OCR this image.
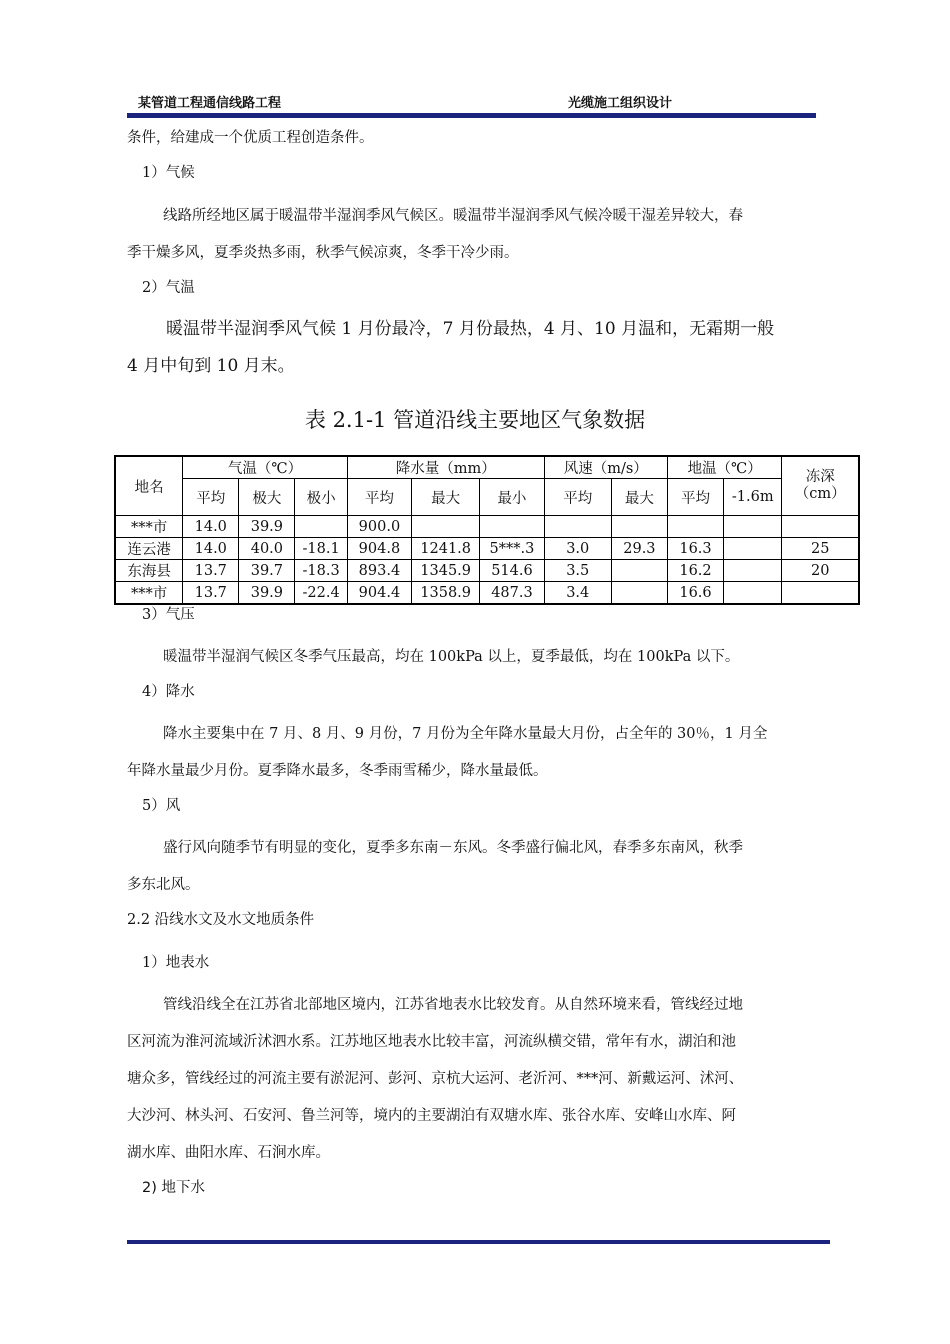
某管道工程通信线路工程	光缆施工组织设计
条件，给建成一个优质工程创造条件。
1）气候
线路所经地区属于暖温带半湿润季风气候区。暖温带半湿润季风气候冷暖干湿差异较大，春
季干燥多风，夏季炎热多雨，秋季气候凉爽，冬季干冷少雨。
2）气温
暖温带半湿润季风气候 1 月份最冷，7 月份最热，4 月、10 月温和，无霜期一般
4 月中旬到 10 月末。
表 2.1-1 管道沿线主要地区气象数据
地名	气温（℃）			降水量（mm）			风速（m/s）		地温（℃）		冻深（cm）
	平均	极大	极小	平均	最大	最小	平均	最大	平均	-1.6m	
***市	14.0	39.9		900.0							
连云港	14.0	40.0	-18.1	904.8	1241.8	5***.3	3.0	29.3	16.3		25
东海县	13.7	39.7	-18.3	893.4	1345.9	514.6	3.5		16.2		20
***市	13.7	39.9	-22.4	904.4	1358.9	487.3	3.4		16.6		
3）气压
暖温带半湿润气候区冬季气压最高，均在 100kPa 以上，夏季最低，均在 100kPa 以下。
4）降水
降水主要集中在 7 月、8 月、9 月份，7 月份为全年降水量最大月份，占全年的 30％，1 月全
年降水量最少月份。夏季降水最多，冬季雨雪稀少，降水量最低。
5）风
盛行风向随季节有明显的变化，夏季多东南－东风。冬季盛行偏北风，春季多东南风，秋季
多东北风。
2.2 沿线水文及水文地质条件
1）地表水
管线沿线全在江苏省北部地区境内，江苏省地表水比较发育。从自然环境来看，管线经过地
区河流为淮河流域沂沭泗水系。江苏地区地表水比较丰富，河流纵横交错，常年有水，湖泊和池
塘众多，管线经过的河流主要有淤泥河、彭河、京杭大运河、老沂河、***河、新戴运河、沭河、
大沙河、林头河、石安河、鲁兰河等，境内的主要湖泊有双塘水库、张谷水库、安峰山水库、阿
湖水库、曲阳水库、石涧水库。
2) 地下水
